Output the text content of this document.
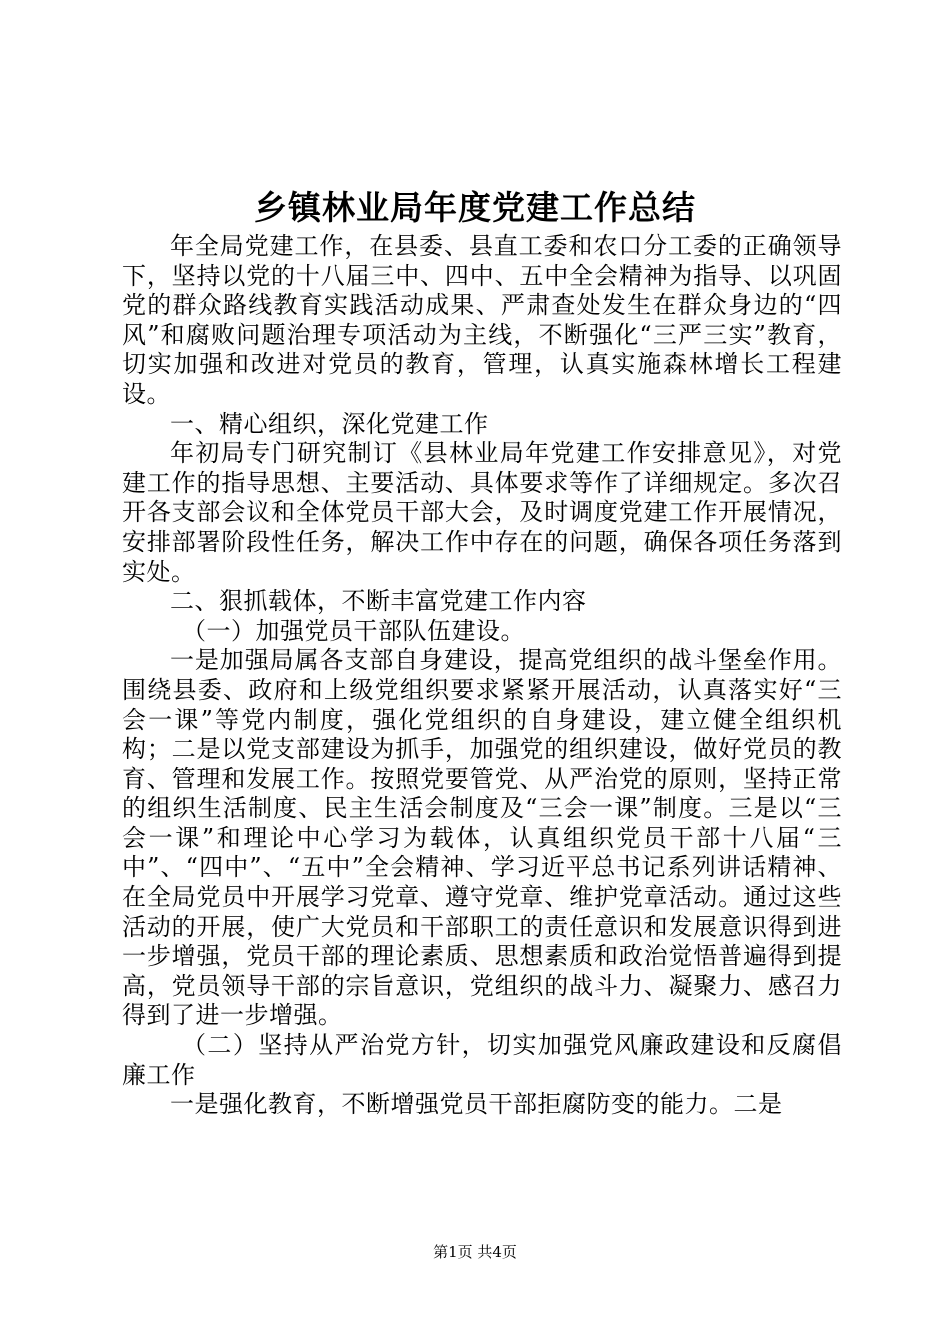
乡镇林业局年度党建工作总结

年全局党建工作，在县委、县直工委和农口分工委的正确领导下，坚持以党的十八届三中、四中、五中全会精神为指导、以巩固党的群众路线教育实践活动成果、严肃查处发生在群众身边的“四风”和腐败问题治理专项活动为主线，不断强化“三严三实”教育，切实加强和改进对党员的教育，管理，认真实施森林增长工程建设。

一、精心组织，深化党建工作

年初局专门研究制订《县林业局年党建工作安排意见》，对党建工作的指导思想、主要活动、具体要求等作了详细规定。多次召开各支部会议和全体党员干部大会，及时调度党建工作开展情况，安排部署阶段性任务，解决工作中存在的问题，确保各项任务落到实处。

二、狠抓载体，不断丰富党建工作内容

（一）加强党员干部队伍建设。

一是加强局属各支部自身建设，提高党组织的战斗堡垒作用。围绕县委、政府和上级党组织要求紧紧开展活动，认真落实好“三会一课”等党内制度，强化党组织的自身建设，建立健全组织机构；二是以党支部建设为抓手，加强党的组织建设，做好党员的教育、管理和发展工作。按照党要管党、从严治党的原则，坚持正常的组织生活制度、民主生活会制度及“三会一课”制度。三是以“三会一课”和理论中心学习为载体，认真组织党员干部十八届“三中”、“四中”、“五中”全会精神、学习近平总书记系列讲话精神、在全局党员中开展学习党章、遵守党章、维护党章活动。通过这些活动的开展，使广大党员和干部职工的责任意识和发展意识得到进一步增强，党员干部的理论素质、思想素质和政治觉悟普遍得到提高，党员领导干部的宗旨意识，党组织的战斗力、凝聚力、感召力得到了进一步增强。

（二）坚持从严治党方针，切实加强党风廉政建设和反腐倡廉工作

一是强化教育，不断增强党员干部拒腐防变的能力。二是

第1页 共4页
